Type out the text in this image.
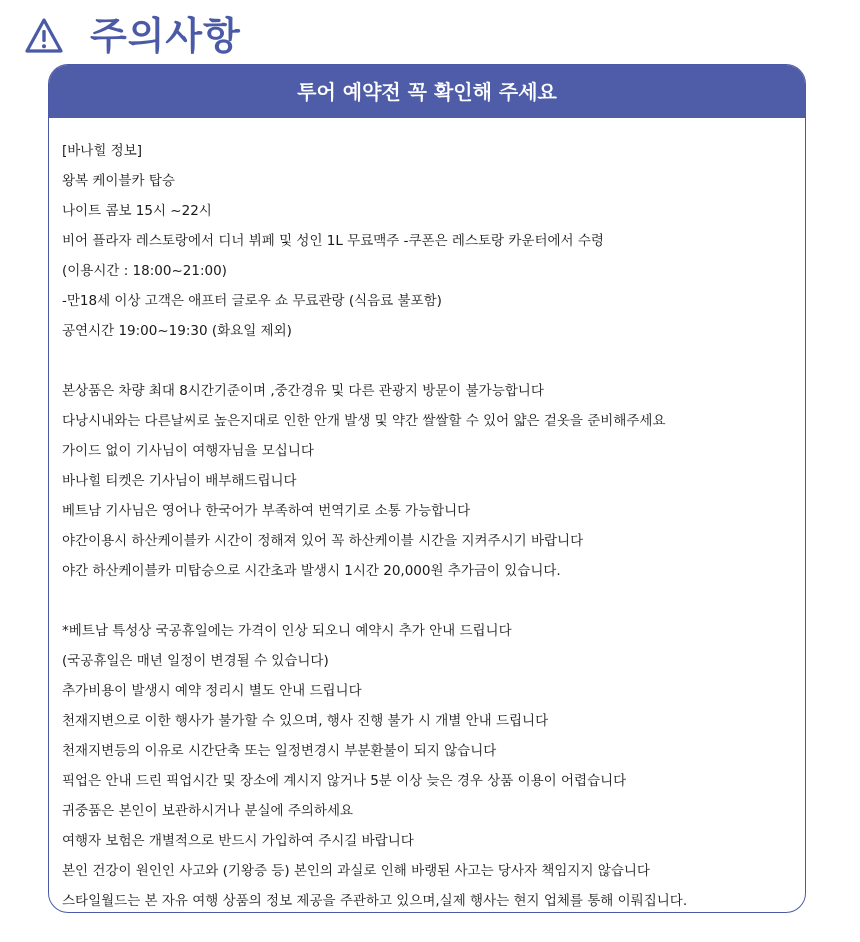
주의사항
투어 예약전 꼭 확인해 주세요
[바나힐 정보]
왕복 케이블카 탑승
나이트 콤보 15시 ~22시
비어 플라자 레스토랑에서 디너 뷔페 및 성인 1L 무료맥주 -쿠폰은 레스토랑 카운터에서 수령
(이용시간 : 18:00~21:00)
-만18세 이상 고객은 애프터 글로우 쇼 무료관랑 (식음료 불포함)
공연시간 19:00~19:30 (화요일 제외)
본상품은 차량 최대 8시간기준이며 ,중간경유 및 다른 관광지 방문이 불가능합니다
다낭시내와는 다른날씨로 높은지대로 인한 안개 발생 및 약간 쌀쌀할 수 있어 얇은 겉옷을 준비해주세요
가이드 없이 기사님이 여행자님을 모십니다
바나힐 티켓은 기사님이 배부해드립니다
베트남 기사님은 영어나 한국어가 부족하여 번역기로 소통 가능합니다
야간이용시 하산케이블카 시간이 정해져 있어 꼭 하산케이블 시간을 지켜주시기 바랍니다
야간 하산케이블카 미탑승으로 시간초과 발생시 1시간 20,000원 추가금이 있습니다.
*베트남 특성상 국공휴일에는 가격이 인상 되오니 예약시 추가 안내 드립니다
(국공휴일은 매년 일정이 변경될 수 있습니다)
추가비용이 발생시 예약 정리시 별도 안내 드립니다
천재지변으로 이한 행사가 불가할 수 있으며, 행사 진행 불가 시 개별 안내 드립니다
천재지변등의 이유로 시간단축 또는 일정변경시 부분환불이 되지 않습니다
픽업은 안내 드린 픽업시간 및 장소에 계시지 않거나 5분 이상 늦은 경우 상품 이용이 어렵습니다
귀중품은 본인이 보관하시거나 분실에 주의하세요
여행자 보험은 개별적으로 반드시 가입하여 주시길 바랍니다
본인 건강이 원인인 사고와 (기왕증 등) 본인의 과실로 인해 바랭된 사고는 당사자 책임지지 않습니다
스타일월드는 본 자유 여행 상품의 정보 제공을 주관하고 있으며,실제 행사는 현지 업체를 통해 이뤄집니다.
